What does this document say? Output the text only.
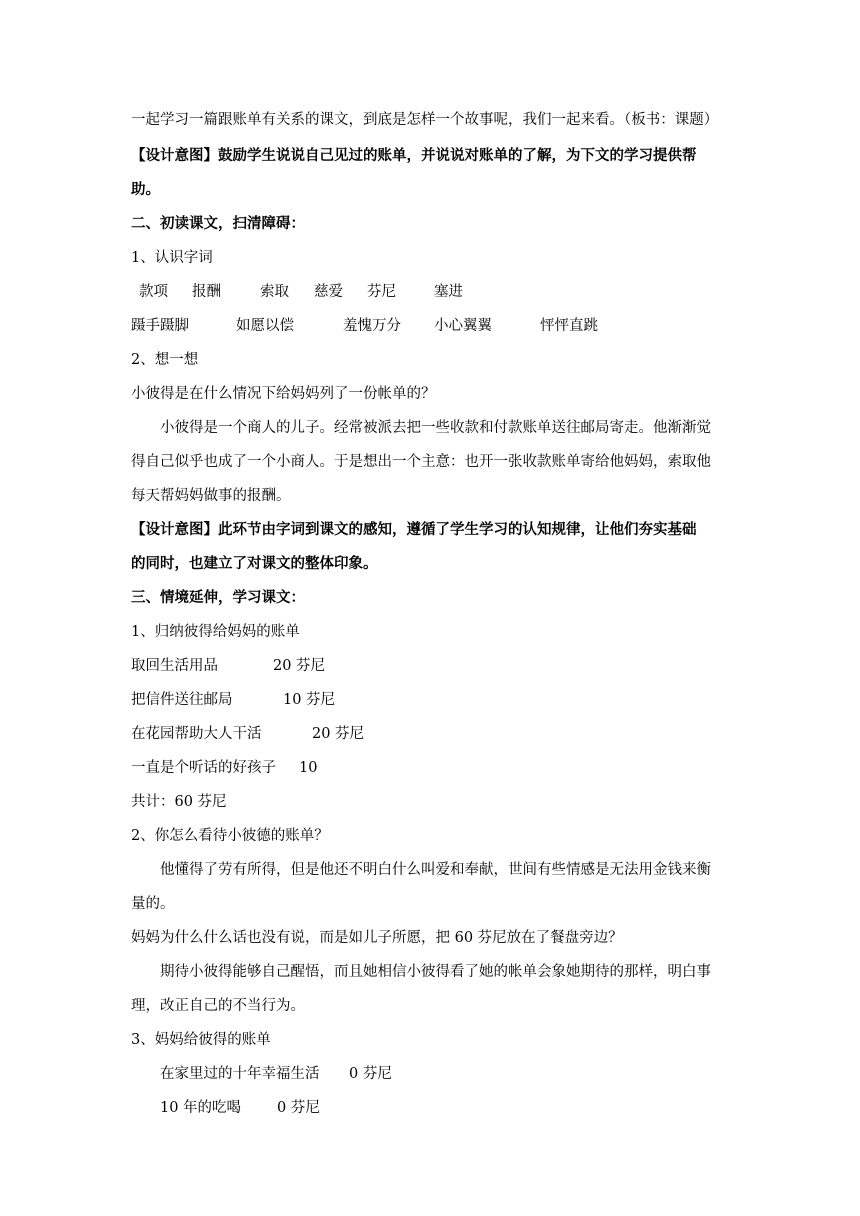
一起学习一篇跟账单有关系的课文，到底是怎样一个故事呢，我们一起来看。（板书：课题）
【设计意图】鼓励学生说说自己见过的账单，并说说对账单的了解，为下文的学习提供帮
助。
二、初读课文，扫清障碍：
1、认识字词
款项 报酬	索取 慈爱 芬尼	塞进
蹑手蹑脚	如愿以偿	羞愧万分 小心翼翼	怦怦直跳
2、想一想
小彼得是在什么情况下给妈妈列了一份帐单的？
小彼得是一个商人的儿子。经常被派去把一些收款和付款账单送往邮局寄走。他渐渐觉
得自己似乎也成了一个小商人。于是想出一个主意：也开一张收款账单寄给他妈妈，索取他
每天帮妈妈做事的报酬。
【设计意图】此环节由字词到课文的感知，遵循了学生学习的认知规律，让他们夯实基础
的同时，也建立了对课文的整体印象。
三、情境延伸，学习课文：
1、归纳彼得给妈妈的账单
取回生活用品	20 芬尼
把信件送往邮局	10 芬尼
在花园帮助大人干活	20 芬尼
一直是个听话的好孩子 10
共计：60 芬尼
2、你怎么看待小彼德的账单？
他懂得了劳有所得，但是他还不明白什么叫爱和奉献，世间有些情感是无法用金钱来衡
量的。
妈妈为什么什么话也没有说，而是如儿子所愿，把 60 芬尼放在了餐盘旁边？
期待小彼得能够自己醒悟，而且她相信小彼得看了她的帐单会象她期待的那样，明白事
理，改正自己的不当行为。
3、妈妈给彼得的账单
在家里过的十年幸福生活 0 芬尼
10 年的吃喝 0 芬尼
